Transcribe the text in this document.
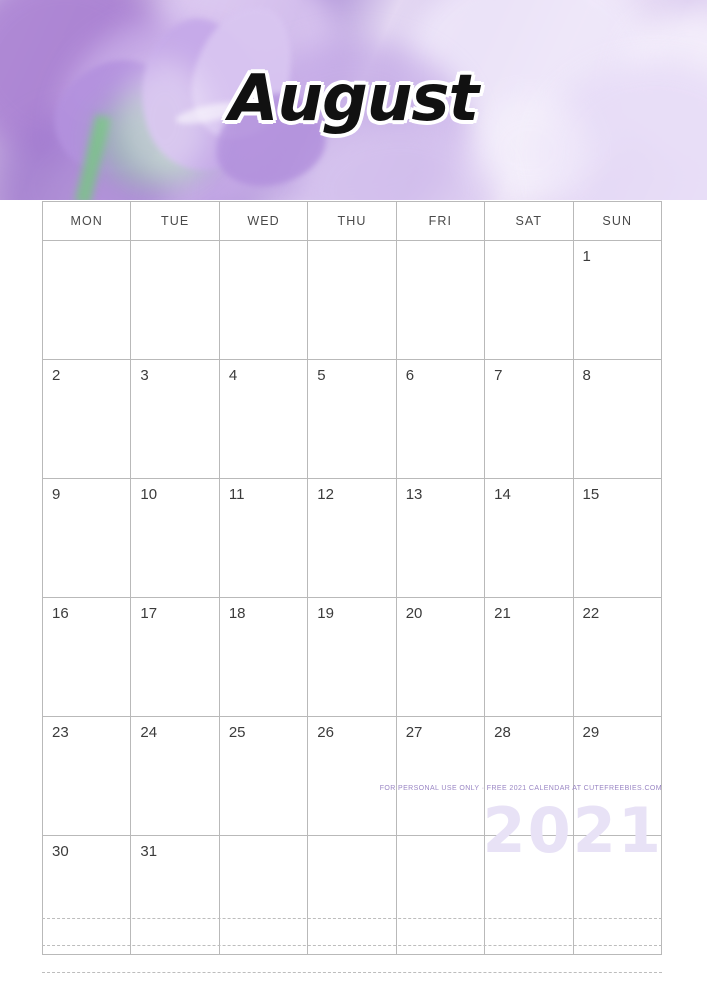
August
MON	TUE	WED	THU	FRI	SAT	SUN
						1
2	3	4	5	6	7	8
9	10	11	12	13	14	15
16	17	18	19	20	21	22
23	24	25	26	27	28	29
30	31					
FOR PERSONAL USE ONLY · FREE 2021 CALENDAR AT CUTEFREEBIES.COM
2021
